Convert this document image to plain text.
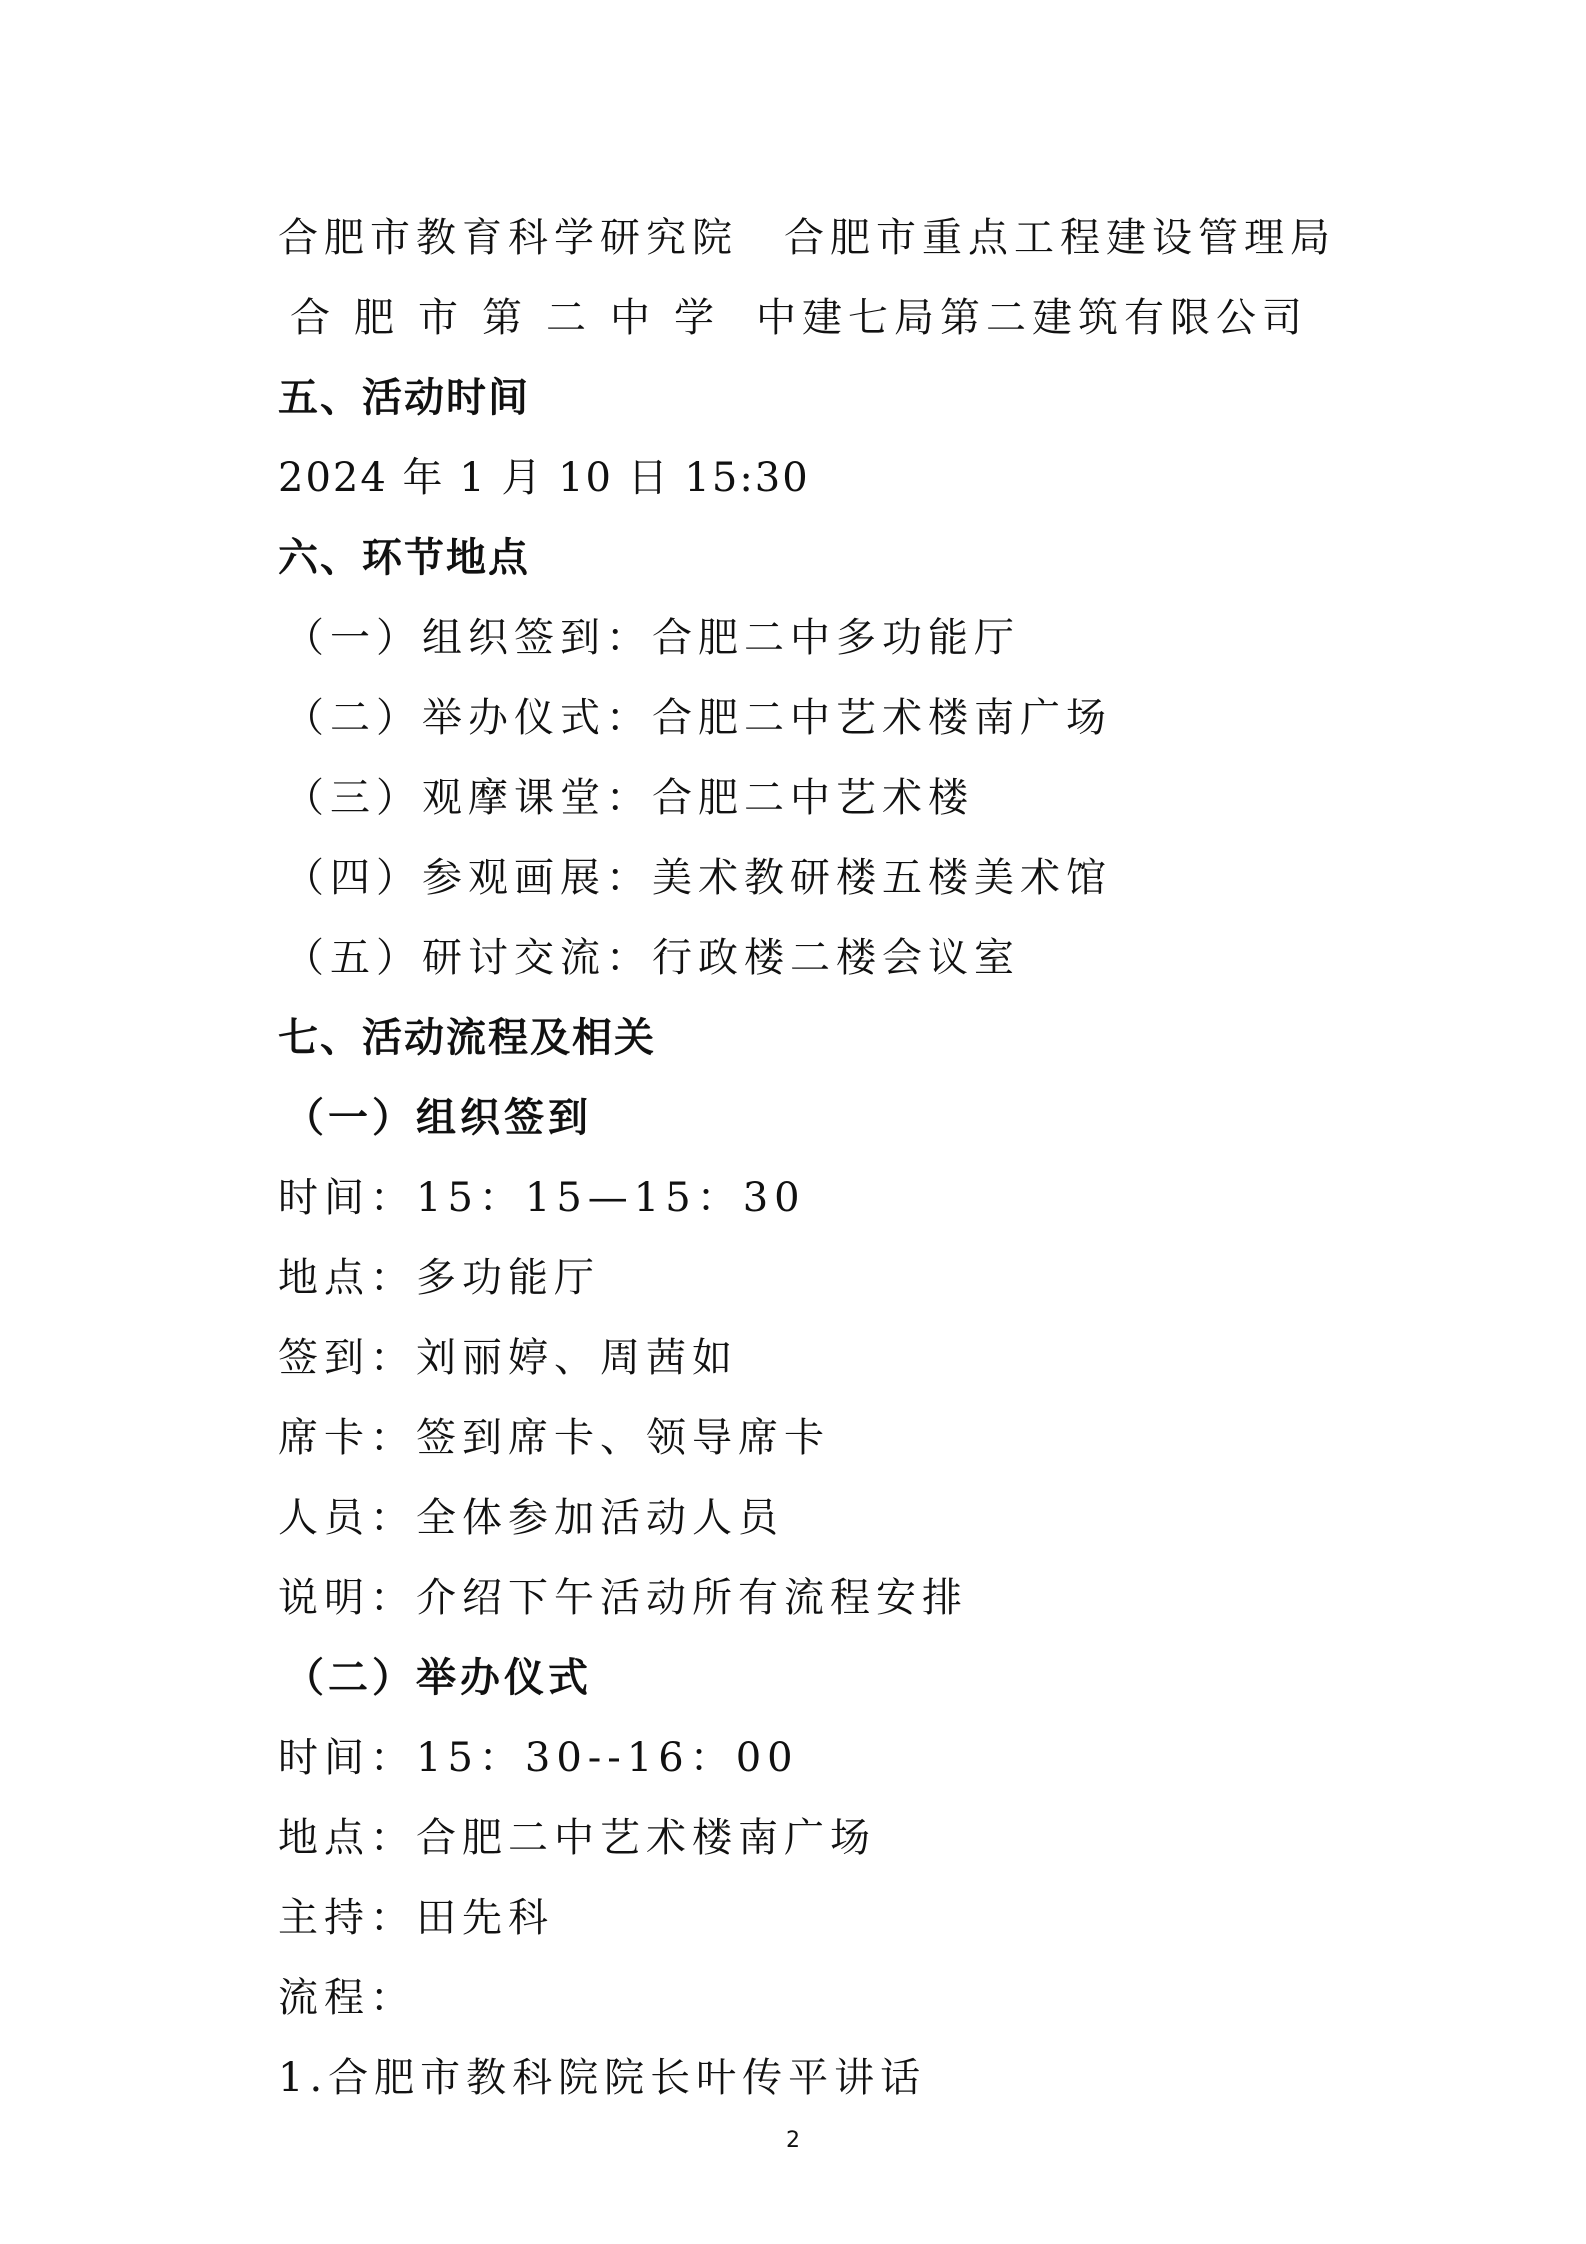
合肥市教育科学研究院　合肥市重点工程建设管理局
合 肥 市 第 二 中 学 中建七局第二建筑有限公司
五、活动时间
2024 年 1 月 10 日 15:30
六、环节地点
（一）组织签到：合肥二中多功能厅
（二）举办仪式：合肥二中艺术楼南广场
（三）观摩课堂：合肥二中艺术楼
（四）参观画展：美术教研楼五楼美术馆
（五）研讨交流：行政楼二楼会议室
七、活动流程及相关
（一）组织签到
时间：15：15—15：30
地点：多功能厅
签到：刘丽婷、周茜如
席卡：签到席卡、领导席卡
人员：全体参加活动人员
说明：介绍下午活动所有流程安排
（二）举办仪式
时间：15：30--16：00
地点：合肥二中艺术楼南广场
主持：田先科
流程：
1.合肥市教科院院长叶传平讲话
2
